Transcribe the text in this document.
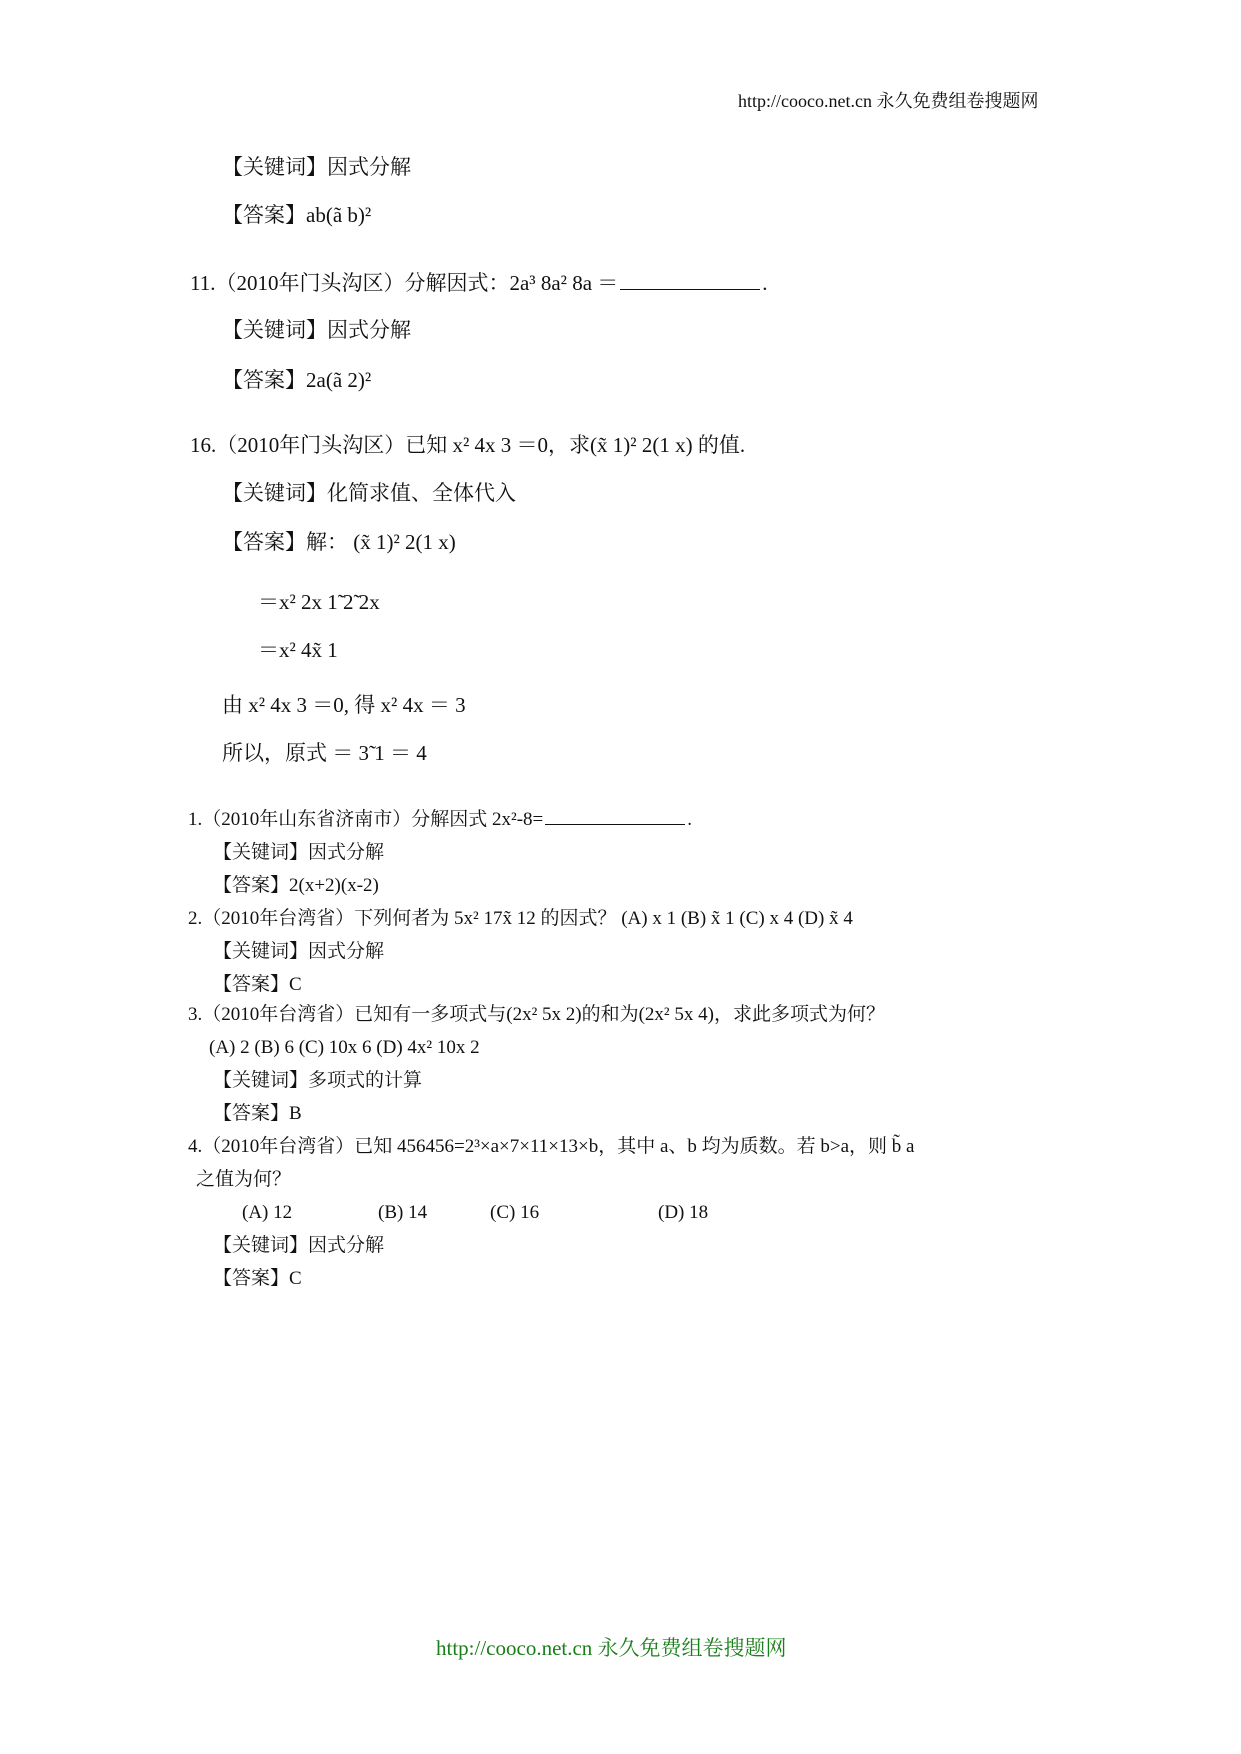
http://cooco.net.cn 永久免费组卷搜题网
【关键词】因式分解
【答案】ab(ã b)²
11.（2010年门头沟区）分解因式：2a³ 8a² 8a ＝	.
【关键词】因式分解
【答案】2a(ã 2)²
16.（2010年门头沟区）已知 x² 4x 3 ＝0，求(x̃ 1)² 2(1 x) 的值.
【关键词】化简求值、全体代入
【答案】解： (x̃ 1)² 2(1 x)
＝x² 2x 1̃ 2̃ 2x
＝x² 4x̃ 1
由 x² 4x 3 ＝0, 得 x² 4x ＝ 3
所以，原式 ＝ 3̃ 1 ＝ 4
1.（2010年山东省济南市）分解因式 2x²-8=	.
【关键词】因式分解
【答案】2(x+2)(x-2)
2.（2010年台湾省）下列何者为 5x² 17x̃ 12 的因式？ (A) x 1 (B) x̃ 1 (C) x 4 (D) x̃ 4
【关键词】因式分解
【答案】C
3.（2010年台湾省）已知有一多项式与(2x² 5x 2)的和为(2x² 5x 4)，求此多项式为何？
(A) 2 (B) 6 (C) 10x 6 (D) 4x² 10x 2
【关键词】多项式的计算
【答案】B
4.（2010年台湾省）已知 456456=2³×a×7×11×13×b，其中 a、b 均为质数。若 b>a，则 b̃ a
之值为何？
(A) 12	(B) 14	(C) 16	(D) 18
【关键词】因式分解
【答案】C
http://cooco.net.cn 永久免费组卷搜题网
